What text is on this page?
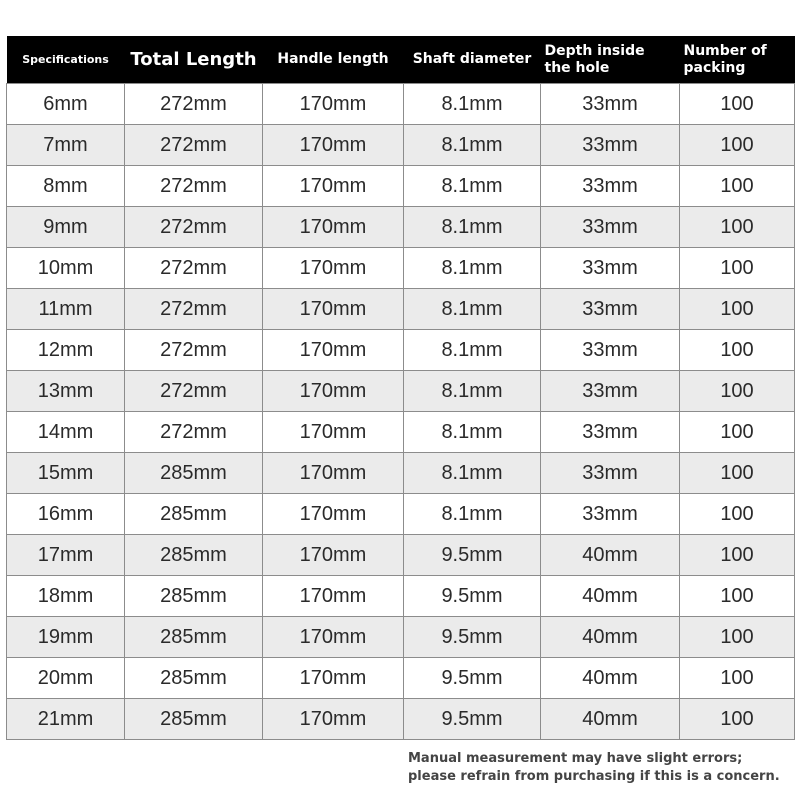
Specifications	Total Length	Handle length	Shaft diameter	Depth inside the hole	Number of packing
6mm	272mm	170mm	8.1mm	33mm	100
7mm	272mm	170mm	8.1mm	33mm	100
8mm	272mm	170mm	8.1mm	33mm	100
9mm	272mm	170mm	8.1mm	33mm	100
10mm	272mm	170mm	8.1mm	33mm	100
11mm	272mm	170mm	8.1mm	33mm	100
12mm	272mm	170mm	8.1mm	33mm	100
13mm	272mm	170mm	8.1mm	33mm	100
14mm	272mm	170mm	8.1mm	33mm	100
15mm	285mm	170mm	8.1mm	33mm	100
16mm	285mm	170mm	8.1mm	33mm	100
17mm	285mm	170mm	9.5mm	40mm	100
18mm	285mm	170mm	9.5mm	40mm	100
19mm	285mm	170mm	9.5mm	40mm	100
20mm	285mm	170mm	9.5mm	40mm	100
21mm	285mm	170mm	9.5mm	40mm	100

Manual measurement may have slight errors; please refrain from purchasing if this is a concern.
